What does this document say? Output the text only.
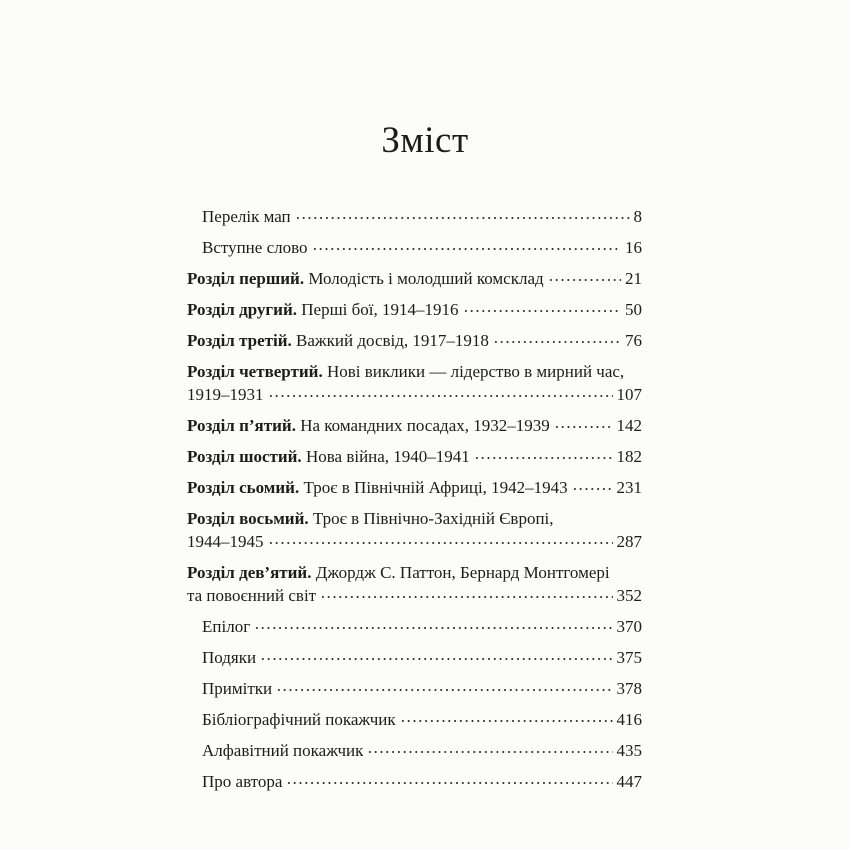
Зміст
Перелік мап	8
Вступне слово	16
Розділ перший. Молодість і молодший комсклад	21
Розділ другий. Перші бої, 1914–1916	50
Розділ третій. Важкий досвід, 1917–1918	76
Розділ четвертий. Нові виклики — лідерство в мирний час,
1919–1931	107
Розділ п’ятий. На командних посадах, 1932–1939	142
Розділ шостий. Нова війна, 1940–1941	182
Розділ сьомий. Троє в Північній Африці, 1942–1943	231
Розділ восьмий. Троє в Північно-Західній Європі,
1944–1945	287
Розділ дев’ятий. Джордж С. Паттон, Бернард Монтгомері
та повоєнний світ	352
Епілог	370
Подяки	375
Примітки	378
Бібліографічний покажчик	416
Алфавітний покажчик	435
Про автора	447
